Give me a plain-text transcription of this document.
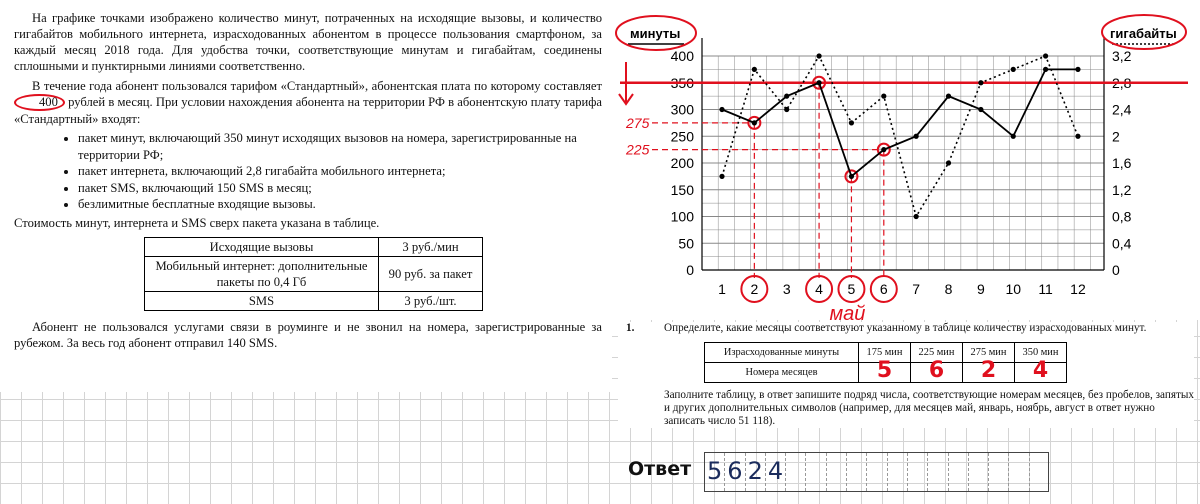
На графике точками изображено количество минут, потраченных на исходящие вызовы, и количество гигабайтов мобильного интернета, израсходованных абонентом в процессе пользования смартфоном, за каждый месяц 2018 года. Для удобства точки, соответствующие минутам и гигабайтам, соединены сплошными и пунктирными линиями соответственно.

В течение года абонент пользовался тарифом «Стандартный», абонентская плата по которому составляет 400 рублей в месяц. При условии нахождения абонента на территории РФ в абонентскую плату тарифа «Стандартный» входят:

• пакет минут, включающий 350 минут исходящих вызовов на номера, зарегистрированные на территории РФ;
• пакет интернета, включающий 2,8 гигабайта мобильного интернета;
• пакет SMS, включающий 150 SMS в месяц;
• безлимитные бесплатные входящие вызовы.

Стоимость минут, интернета и SMS сверх пакета указана в таблице.

Исходящие вызовы	3 руб./мин
Мобильный интернет: дополнительные пакеты по 0,4 Гб	90 руб. за пакет
SMS	3 руб./шт.

Абонент не пользовался услугами связи в роуминге и не звонил на номера, зарегистрированные за рубежом. За весь год абонент отправил 140 SMS.

0
50
100
150
200
250
300
350
400
0
0,4
0,8
1,2
1,6
2
2,4
2,8
3,2
1 2 3 4 5 6 7 8 9 10 11 12
минуты	гигабайты
275
225
май
1.	Определите, какие месяцы соответствуют указанному в таблице количеству израсходованных минут.

Израсходованные минуты	175 мин	225 мин	275 мин	350 мин
Номера месяцев	5	6	2	4

Заполните таблицу, в ответ запишите подряд числа, соответствующие номерам месяцев, без пробелов, запятых и других дополнительных символов (например, для месяцев май, январь, ноябрь, август в ответ нужно записать число 51 118).

Ответ 5 6 2 4
